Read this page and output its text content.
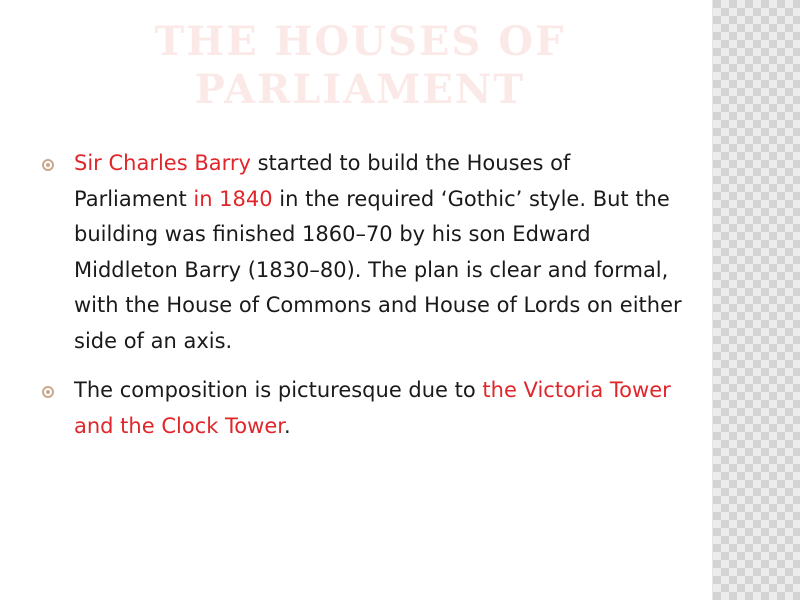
THE HOUSES OF
PARLIAMENT
Sir Charles Barry started to build the Houses of Parliament in 1840 in the required ‘Gothic’ style. But the building was finished 1860–70 by his son Edward Middleton Barry (1830–80). The plan is clear and formal, with the House of Commons and House of Lords on either side of an axis.
The composition is picturesque due to the Victoria Tower and the Clock Tower.
